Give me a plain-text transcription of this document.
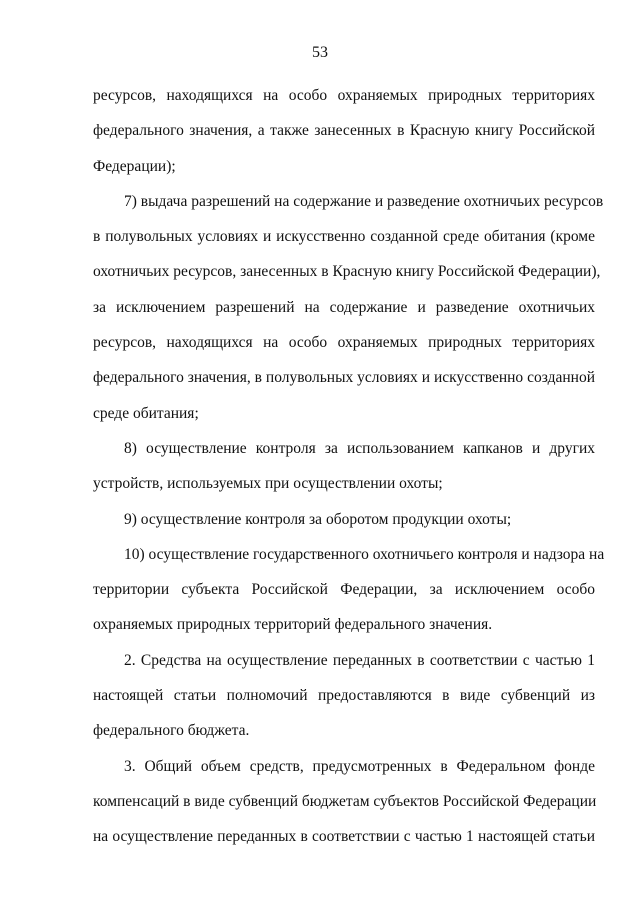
53
ресурсов, находящихся на особо охраняемых природных территориях
федерального значения, а также занесенных в Красную книгу Российской
Федерации);
7) выдача разрешений на содержание и разведение охотничьих ресурсов
в полувольных условиях и искусственно созданной среде обитания (кроме
охотничьих ресурсов, занесенных в Красную книгу Российской Федерации),
за исключением разрешений на содержание и разведение охотничьих
ресурсов, находящихся на особо охраняемых природных территориях
федерального значения, в полувольных условиях и искусственно созданной
среде обитания;
8) осуществление контроля за использованием капканов и других
устройств, используемых при осуществлении охоты;
9) осуществление контроля за оборотом продукции охоты;
10) осуществление государственного охотничьего контроля и надзора на
территории субъекта Российской Федерации, за исключением особо
охраняемых природных территорий федерального значения.
2. Средства на осуществление переданных в соответствии с частью 1
настоящей статьи полномочий предоставляются в виде субвенций из
федерального бюджета.
3. Общий объем средств, предусмотренных в Федеральном фонде
компенсаций в виде субвенций бюджетам субъектов Российской Федерации
на осуществление переданных в соответствии с частью 1 настоящей статьи
